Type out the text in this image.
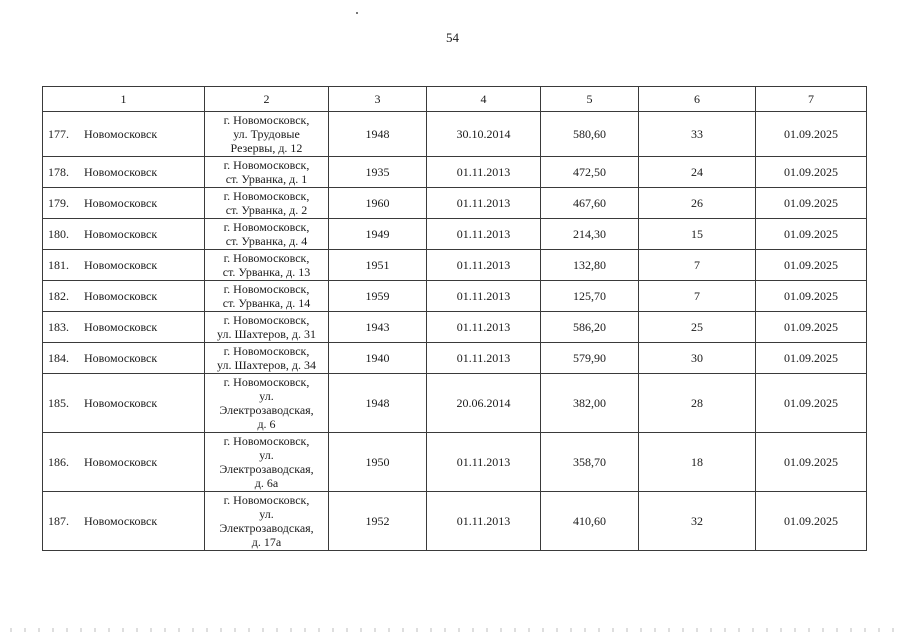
54
1	2	3	4	5	6	7
177. Новомосковск	г. Новомосковск,
ул. Трудовые
Резервы, д. 12	1948	30.10.2014	580,60	33	01.09.2025
178. Новомосковск	г. Новомосковск,
ст. Урванка, д. 1	1935	01.11.2013	472,50	24	01.09.2025
179. Новомосковск	г. Новомосковск,
ст. Урванка, д. 2	1960	01.11.2013	467,60	26	01.09.2025
180. Новомосковск	г. Новомосковск,
ст. Урванка, д. 4	1949	01.11.2013	214,30	15	01.09.2025
181. Новомосковск	г. Новомосковск,
ст. Урванка, д. 13	1951	01.11.2013	132,80	7	01.09.2025
182. Новомосковск	г. Новомосковск,
ст. Урванка, д. 14	1959	01.11.2013	125,70	7	01.09.2025
183. Новомосковск	г. Новомосковск,
ул. Шахтеров, д. 31	1943	01.11.2013	586,20	25	01.09.2025
184. Новомосковск	г. Новомосковск,
ул. Шахтеров, д. 34	1940	01.11.2013	579,90	30	01.09.2025
185. Новомосковск	г. Новомосковск,
ул.
Электрозаводская,
д. 6	1948	20.06.2014	382,00	28	01.09.2025
186. Новомосковск	г. Новомосковск,
ул.
Электрозаводская,
д. 6а	1950	01.11.2013	358,70	18	01.09.2025
187. Новомосковск	г. Новомосковск,
ул.
Электрозаводская,
д. 17а	1952	01.11.2013	410,60	32	01.09.2025
